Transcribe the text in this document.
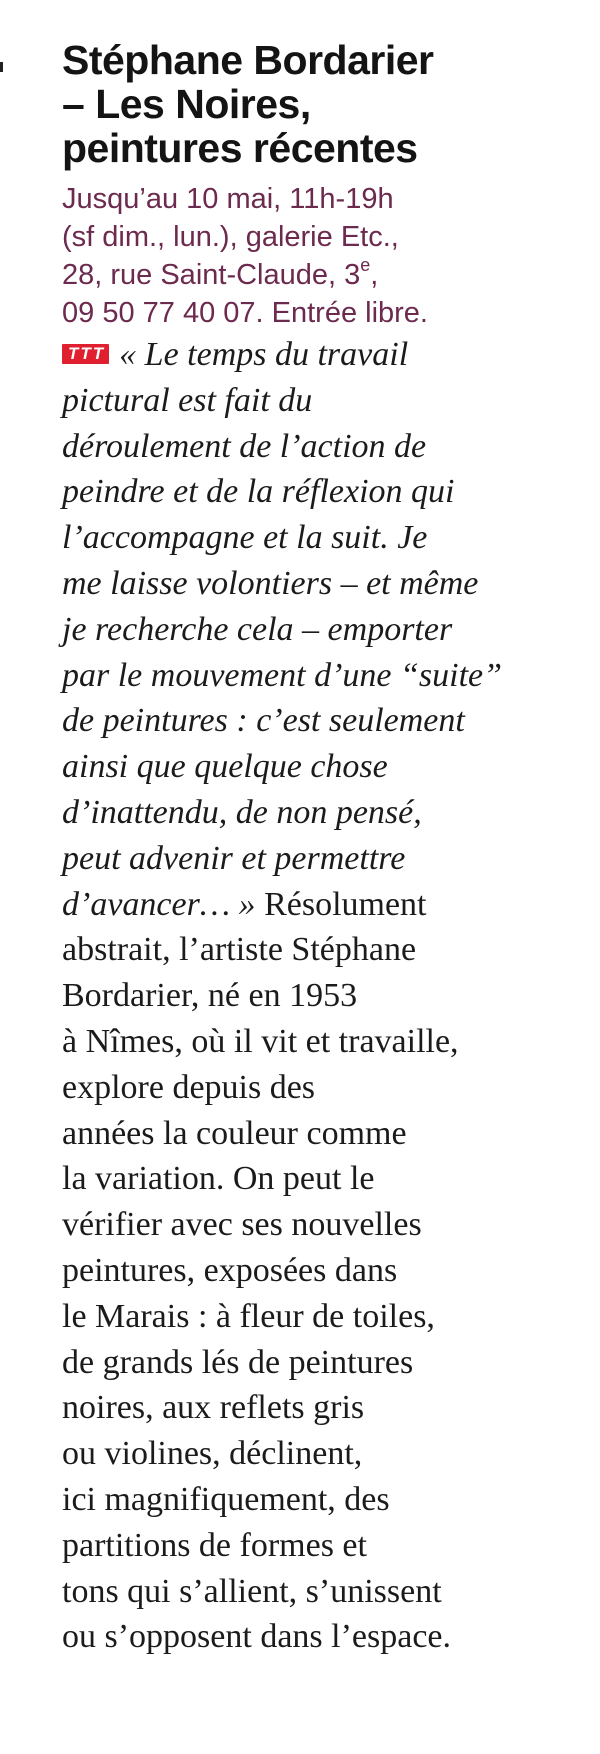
Stéphane Bordarier
– Les Noires,
peintures récentes
Jusqu’au 10 mai, 11h-19h
(sf dim., lun.), galerie Etc.,
28, rue Saint-Claude, 3e,
09 50 77 40 07. Entrée libre.
TTT « Le temps du travail
pictural est fait du
déroulement de l’action de
peindre et de la réflexion qui
l’accompagne et la suit. Je
me laisse volontiers – et même
je recherche cela – emporter
par le mouvement d’une “suite”
de peintures : c’est seulement
ainsi que quelque chose
d’inattendu, de non pensé,
peut advenir et permettre
d’avancer… » Résolument
abstrait, l’artiste Stéphane
Bordarier, né en 1953
à Nîmes, où il vit et travaille,
explore depuis des
années la couleur comme
la variation. On peut le
vérifier avec ses nouvelles
peintures, exposées dans
le Marais : à fleur de toiles,
de grands lés de peintures
noires, aux reflets gris
ou violines, déclinent,
ici magnifiquement, des
partitions de formes et
tons qui s’allient, s’unissent
ou s’opposent dans l’espace.
